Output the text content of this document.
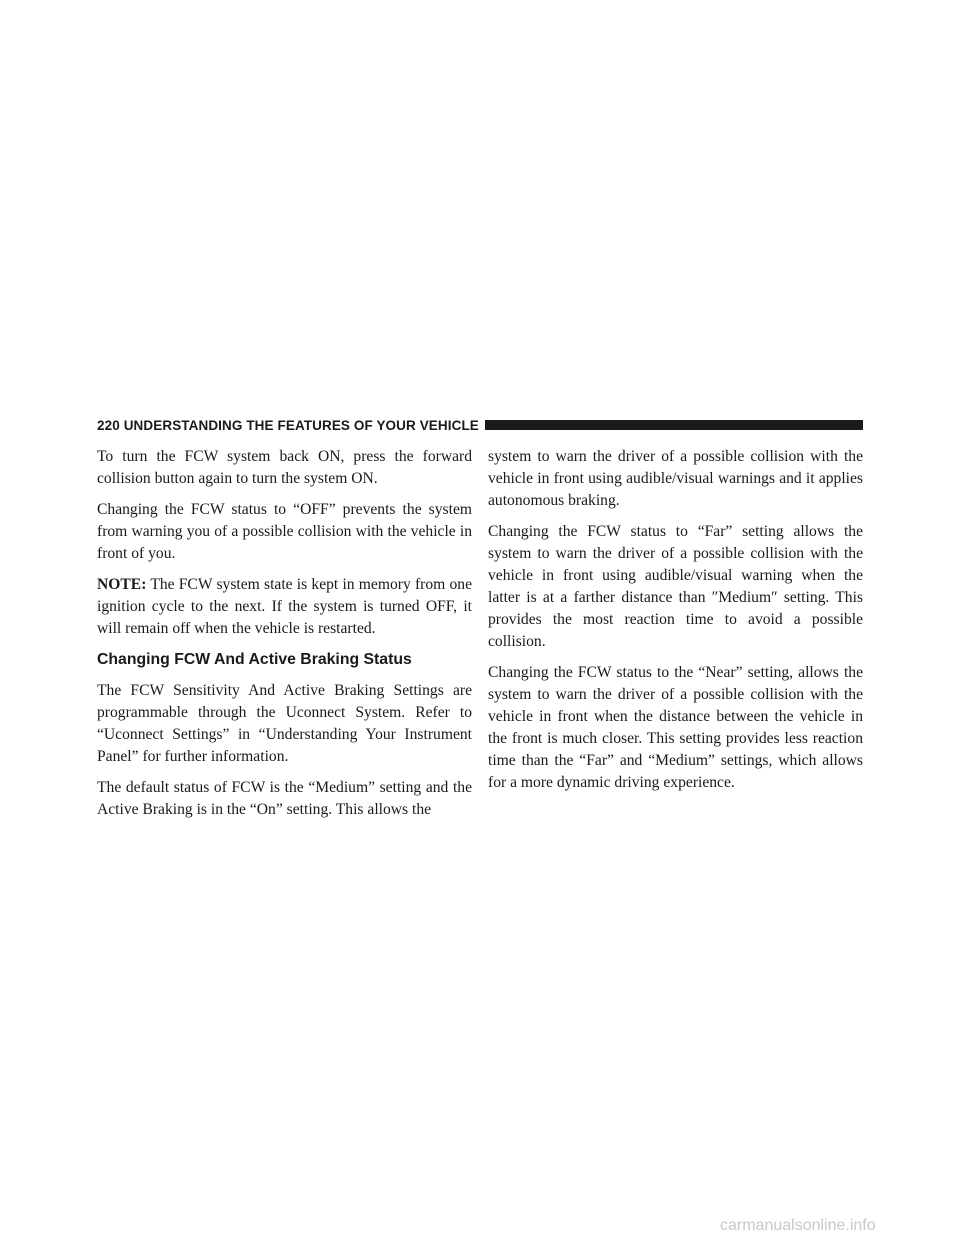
220 UNDERSTANDING THE FEATURES OF YOUR VEHICLE

To turn the FCW system back ON, press the forward collision button again to turn the system ON.

Changing the FCW status to “OFF” prevents the system from warning you of a possible collision with the vehicle in front of you.

NOTE: The FCW system state is kept in memory from one ignition cycle to the next. If the system is turned OFF, it will remain off when the vehicle is restarted.

Changing FCW And Active Braking Status

The FCW Sensitivity And Active Braking Settings are programmable through the Uconnect System. Refer to “Uconnect Settings” in “Understanding Your Instrument Panel” for further information.

The default status of FCW is the “Medium” setting and the Active Braking is in the “On” setting. This allows the

system to warn the driver of a possible collision with the vehicle in front using audible/visual warnings and it applies autonomous braking.

Changing the FCW status to “Far” setting allows the system to warn the driver of a possible collision with the vehicle in front using audible/visual warning when the latter is at a farther distance than ″Medium″ setting. This provides the most reaction time to avoid a possible collision.

Changing the FCW status to the “Near” setting, allows the system to warn the driver of a possible collision with the vehicle in front when the distance between the vehicle in the front is much closer. This setting provides less reaction time than the “Far” and “Medium” settings, which allows for a more dynamic driving experience.

carmanualsonline.info
